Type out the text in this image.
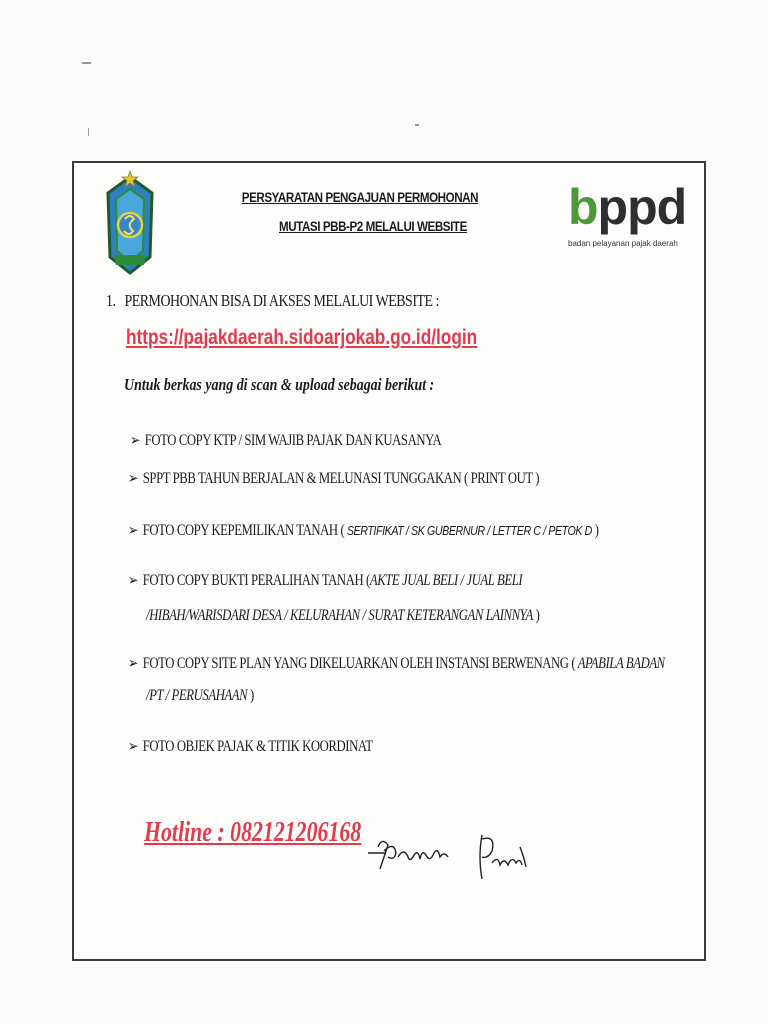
PERSYARATAN PENGAJUAN PERMOHONAN
MUTASI PBB-P2 MELALUI WEBSITE bppd
badan pelayanan pajak daerah
1. PERMOHONAN BISA DI AKSES MELALUI WEBSITE :
https://pajakdaerah.sidoarjokab.go.id/login
Untuk berkas yang di scan & upload sebagai berikut :
➢ FOTO COPY KTP / SIM WAJIB PAJAK DAN KUASANYA
➢ SPPT PBB TAHUN BERJALAN & MELUNASI TUNGGAKAN ( PRINT OUT )
➢ FOTO COPY KEPEMILIKAN TANAH ( SERTIFIKAT / SK GUBERNUR / LETTER C / PETOK D )
➢ FOTO COPY BUKTI PERALIHAN TANAH (AKTE JUAL BELI / JUAL BELI
/HIBAH/WARISDARI DESA / KELURAHAN / SURAT KETERANGAN LAINNYA )
➢ FOTO COPY SITE PLAN YANG DIKELUARKAN OLEH INSTANSI BERWENANG ( APABILA BADAN
/PT / PERUSAHAAN )
➢ FOTO OBJEK PAJAK & TITIK KOORDINAT
Hotline : 082121206168
